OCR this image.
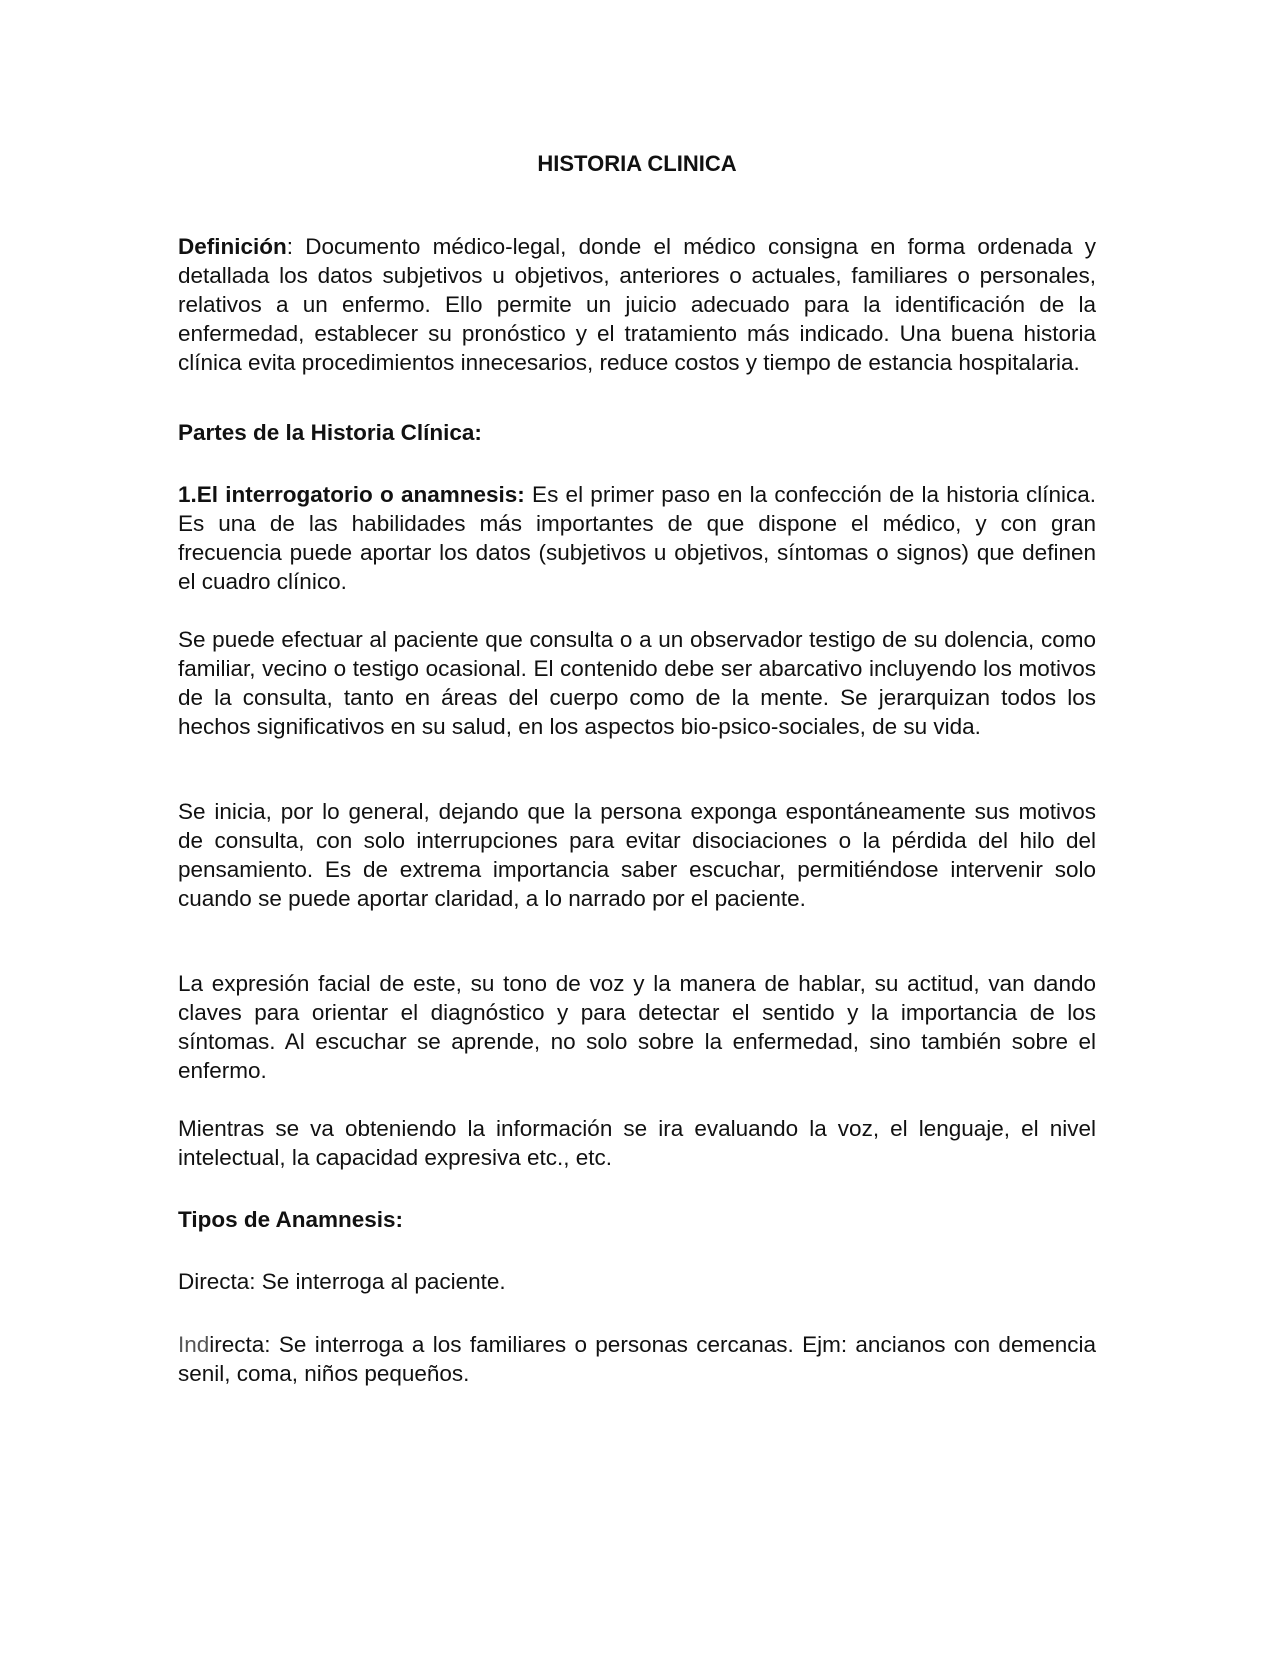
HISTORIA CLINICA

Definición: Documento médico-legal, donde el médico consigna en forma ordenada y detallada los datos subjetivos u objetivos, anteriores o actuales, familiares o personales, relativos a un enfermo. Ello permite un juicio adecuado para la identificación de la enfermedad, establecer su pronóstico y el tratamiento más indicado. Una buena historia clínica evita procedimientos innecesarios, reduce costos y tiempo de estancia hospitalaria.

Partes de la Historia Clínica:

1.El interrogatorio o anamnesis: Es el primer paso en la confección de la historia clínica. Es una de las habilidades más importantes de que dispone el médico, y con gran frecuencia puede aportar los datos (subjetivos u objetivos, síntomas o signos) que definen el cuadro clínico.

Se puede efectuar al paciente que consulta o a un observador testigo de su dolencia, como familiar, vecino o testigo ocasional. El contenido debe ser abarcativo incluyendo los motivos de la consulta, tanto en áreas del cuerpo como de la mente. Se jerarquizan todos los hechos significativos en su salud, en los aspectos bio-psico-sociales, de su vida.

Se inicia, por lo general, dejando que la persona exponga espontáneamente sus motivos de consulta, con solo interrupciones para evitar disociaciones o la pérdida del hilo del pensamiento. Es de extrema importancia saber escuchar, permitiéndose intervenir solo cuando se puede aportar claridad, a lo narrado por el paciente.

La expresión facial de este, su tono de voz y la manera de hablar, su actitud, van dando claves para orientar el diagnóstico y para detectar el sentido y la importancia de los síntomas. Al escuchar se aprende, no solo sobre la enfermedad, sino también sobre el enfermo.

Mientras se va obteniendo la información se ira evaluando la voz, el lenguaje, el nivel intelectual, la capacidad expresiva etc., etc.

Tipos de Anamnesis:

Directa: Se interroga al paciente.

Indirecta: Se interroga a los familiares o personas cercanas. Ejm: ancianos con demencia senil, coma, niños pequeños.
